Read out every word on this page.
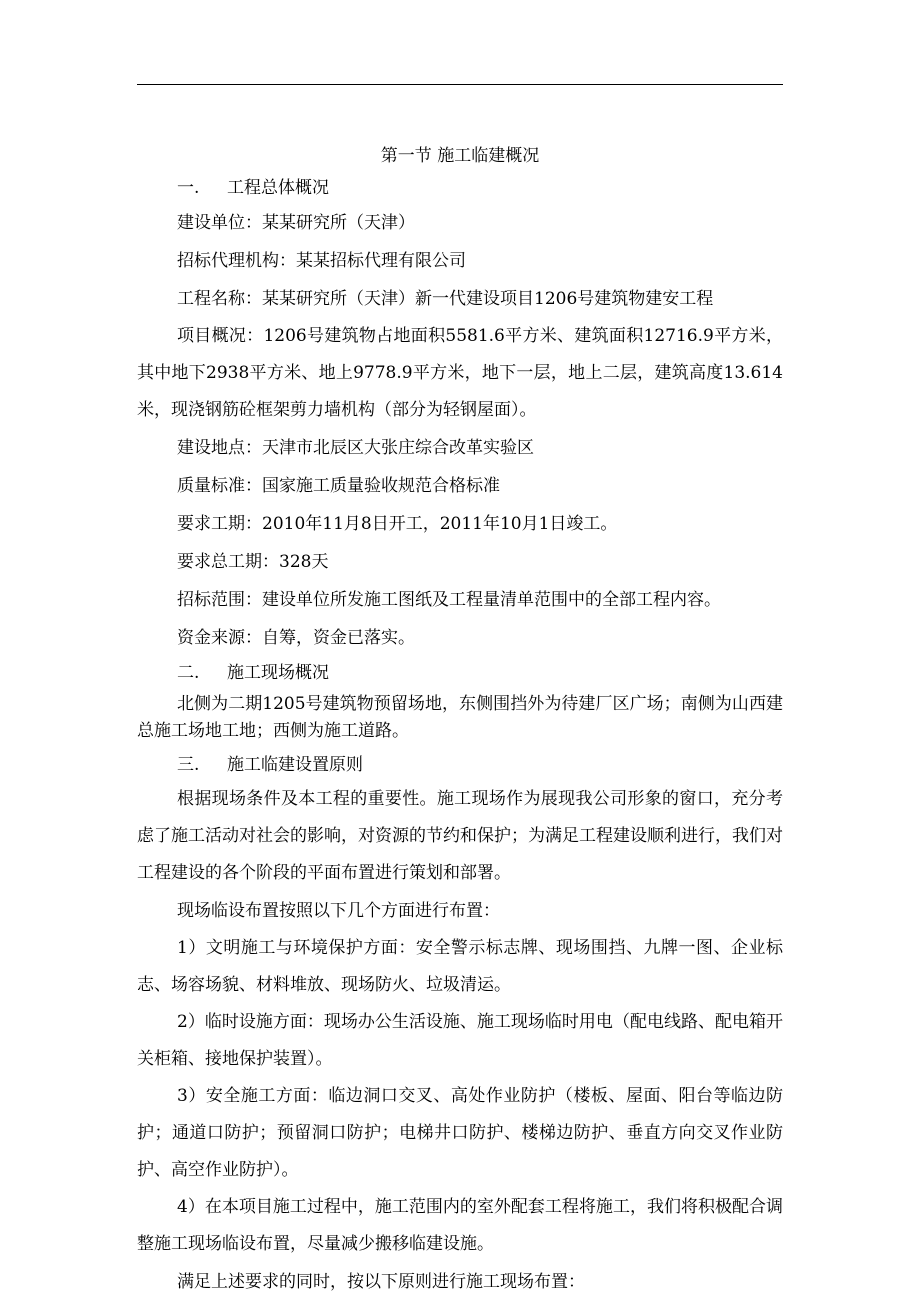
第一节 施工临建概况
一. 工程总体概况

建设单位：某某研究所（天津）

招标代理机构：某某招标代理有限公司

工程名称：某某研究所（天津）新一代建设项目1206号建筑物建安工程

项目概况：1206号建筑物占地面积5581.6平方米、建筑面积12716.9平方米，其中地下2938平方米、地上9778.9平方米，地下一层，地上二层，建筑高度13.614米，现浇钢筋砼框架剪力墙机构（部分为轻钢屋面）。

建设地点：天津市北辰区大张庄综合改革实验区

质量标准：国家施工质量验收规范合格标准

要求工期：2010年11月8日开工，2011年10月1日竣工。

要求总工期：328天

招标范围：建设单位所发施工图纸及工程量清单范围中的全部工程内容。

资金来源：自筹，资金已落实。

二. 施工现场概况

北侧为二期1205号建筑物预留场地，东侧围挡外为待建厂区广场；南侧为山西建总施工场地工地；西侧为施工道路。

三. 施工临建设置原则

根据现场条件及本工程的重要性。施工现场作为展现我公司形象的窗口，充分考虑了施工活动对社会的影响，对资源的节约和保护；为满足工程建设顺利进行，我们对工程建设的各个阶段的平面布置进行策划和部署。

现场临设布置按照以下几个方面进行布置：

1）文明施工与环境保护方面：安全警示标志牌、现场围挡、九牌一图、企业标志、场容场貌、材料堆放、现场防火、垃圾清运。

2）临时设施方面：现场办公生活设施、施工现场临时用电（配电线路、配电箱开关柜箱、接地保护装置）。

3）安全施工方面：临边洞口交叉、高处作业防护（楼板、屋面、阳台等临边防护；通道口防护；预留洞口防护；电梯井口防护、楼梯边防护、垂直方向交叉作业防护、高空作业防护）。

4）在本项目施工过程中，施工范围内的室外配套工程将施工，我们将积极配合调整施工现场临设布置，尽量减少搬移临建设施。

满足上述要求的同时，按以下原则进行施工现场布置：
